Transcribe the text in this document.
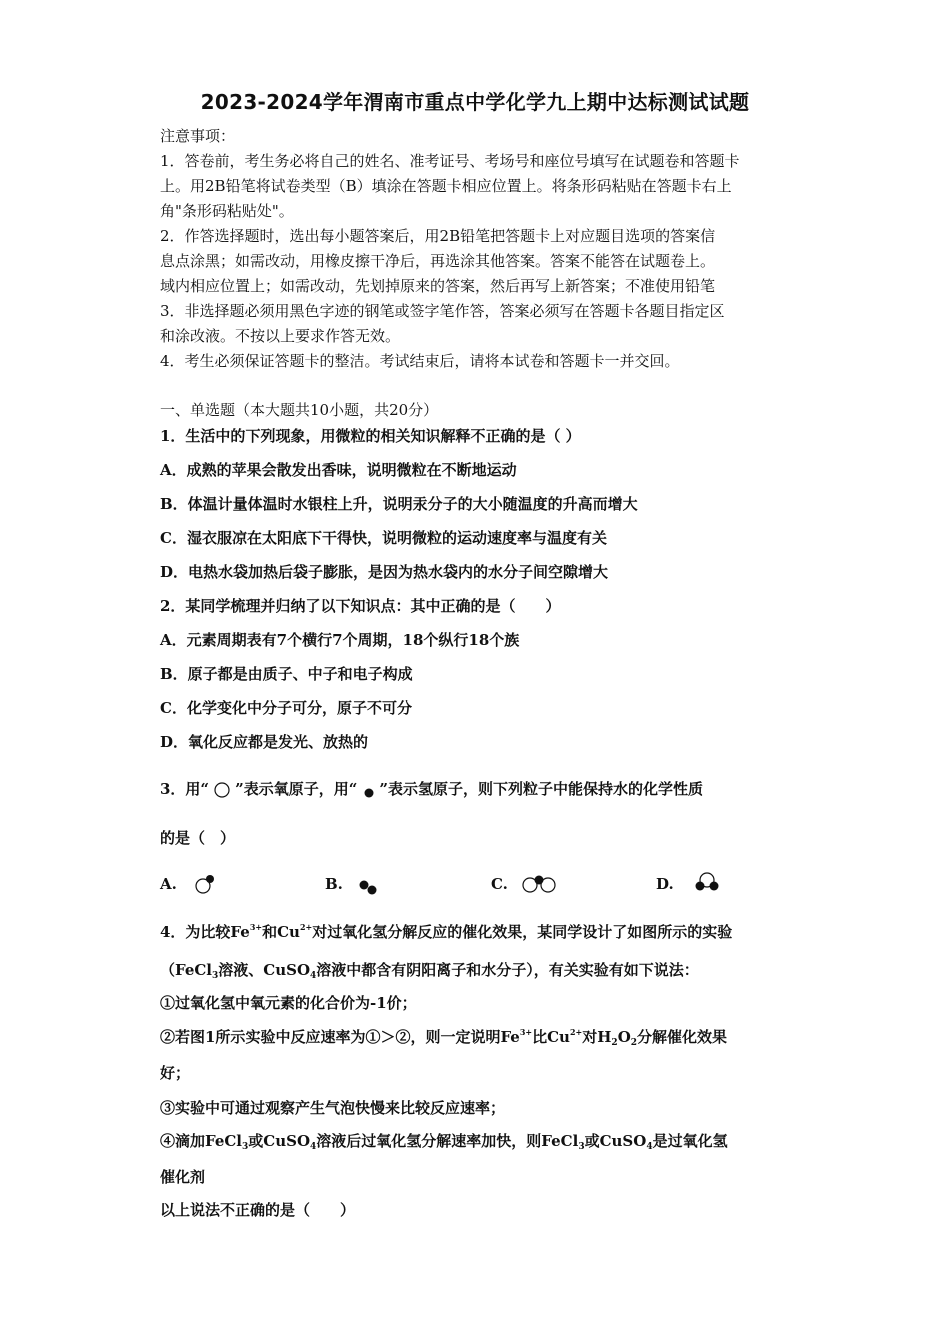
2023-2024学年渭南市重点中学化学九上期中达标测试试题
注意事项：
1．答卷前，考生务必将自己的姓名、准考证号、考场号和座位号填写在试题卷和答题卡
上。用2B铅笔将试卷类型（B）填涂在答题卡相应位置上。将条形码粘贴在答题卡右上
角"条形码粘贴处"。
2．作答选择题时，选出每小题答案后，用2B铅笔把答题卡上对应题目选项的答案信
息点涂黑；如需改动，用橡皮擦干净后，再选涂其他答案。答案不能答在试题卷上。
3．非选择题必须用黑色字迹的钢笔或签字笔作答，答案必须写在答题卡各题目指定区
域内相应位置上；如需改动，先划掉原来的答案，然后再写上新答案；不准使用铅笔
和涂改液。不按以上要求作答无效。
4．考生必须保证答题卡的整洁。考试结束后，请将本试卷和答题卡一并交回。
一、单选题（本大题共10小题，共20分）
1．生活中的下列现象，用微粒的相关知识解释不正确的是（ ）
A．成熟的苹果会散发出香味，说明微粒在不断地运动
B．体温计量体温时水银柱上升，说明汞分子的大小随温度的升高而增大
C．湿衣服凉在太阳底下干得快，说明微粒的运动速度率与温度有关
D．电热水袋加热后袋子膨胀，是因为热水袋内的水分子间空隙增大
2．某同学梳理并归纳了以下知识点：其中正确的是（　　）
A．元素周期表有7个横行7个周期，18个纵行18个族
B．原子都是由质子、中子和电子构成
C．化学变化中分子可分，原子不可分
D．氧化反应都是发光、放热的
3．用“ ”表示氧原子，用“ ”表示氢原子，则下列粒子中能保持水的化学性质
的是（　）
A.	B.	C.	D.
4．为比较$Fe^{3+}$和$Cu^{2+}$对过氧化氢分解反应的催化效果，某同学设计了如图所示的实验
（FeCl$_3$溶液、CuSO$_4$溶液中都含有阴阳离子和水分子），有关实验有如下说法：
①过氧化氢中氧元素的化合价为-1价；
②若图1所示实验中反应速率为①＞②，则一定说明$Fe^{3+}$比$Cu^{2+}$对$H_2O_2$分解催化效果
好；
③实验中可通过观察产生气泡快慢来比较反应速率；
④滴加FeCl$_3$或CuSO$_4$溶液后过氧化氢分解速率加快，则FeCl$_3$或CuSO$_4$是过氧化氢
催化剂
以上说法不正确的是（　　）
